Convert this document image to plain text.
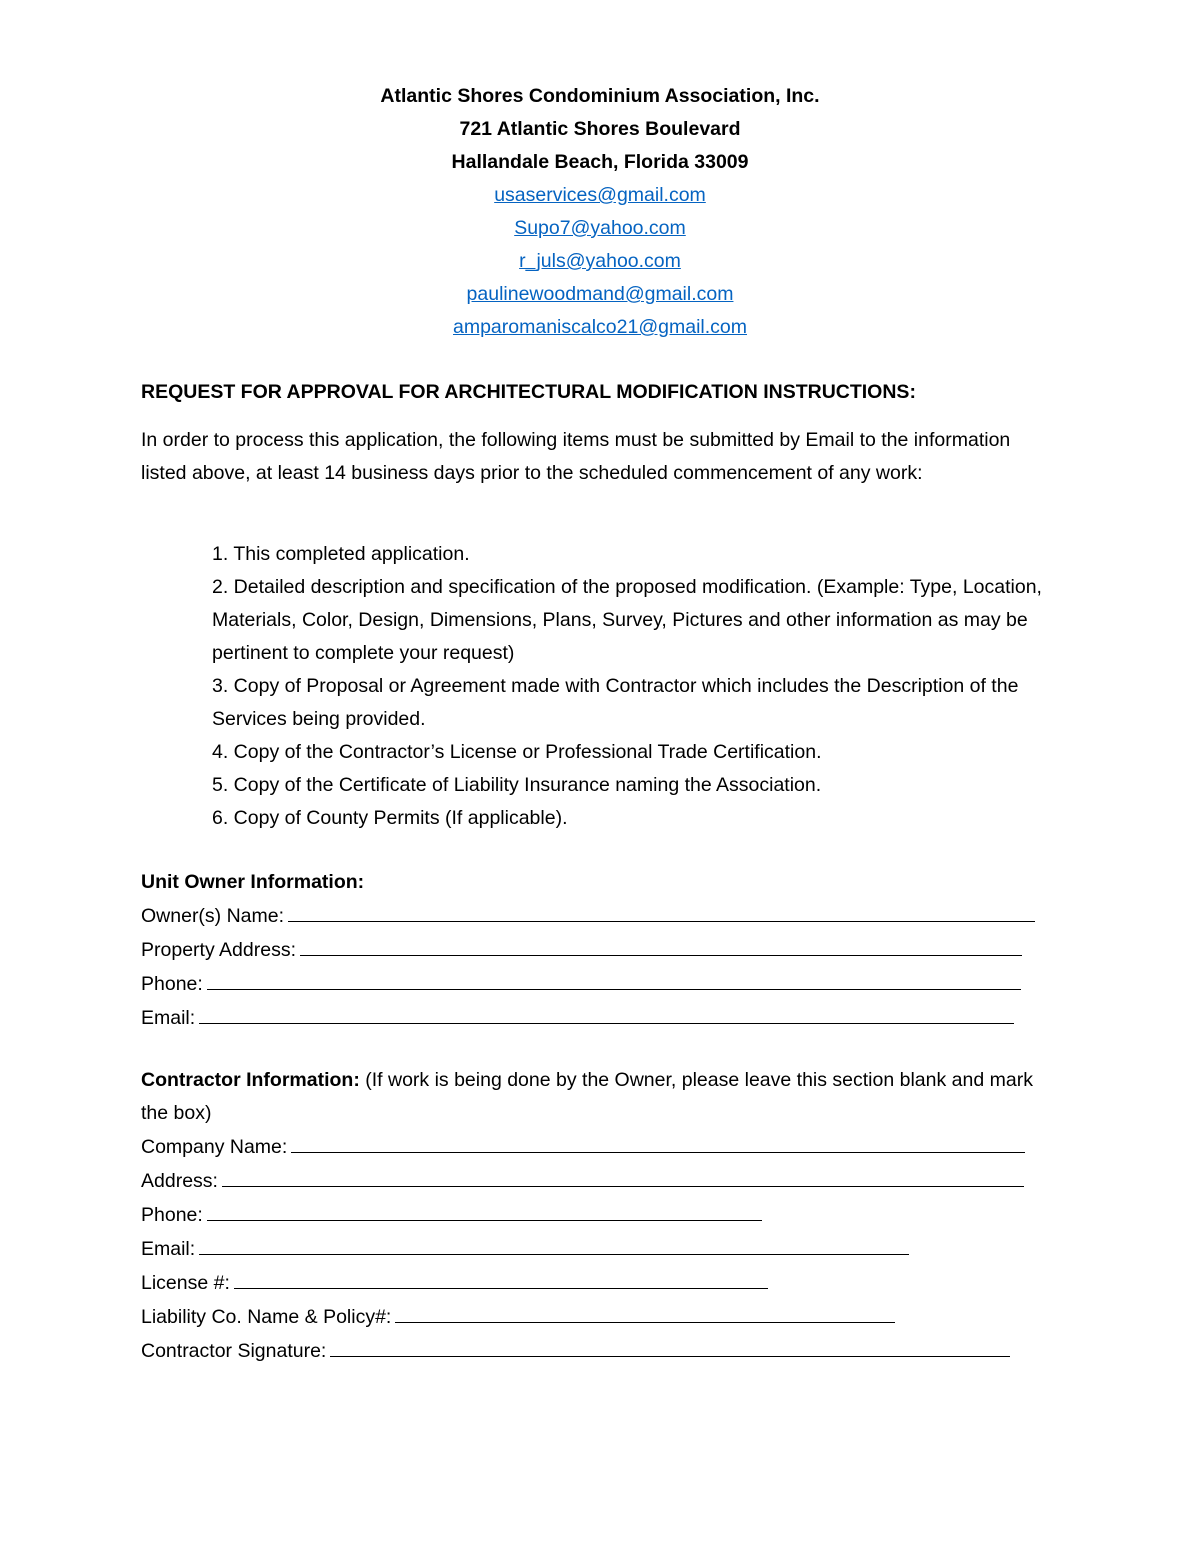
Atlantic Shores Condominium Association, Inc.
721 Atlantic Shores Boulevard
Hallandale Beach, Florida 33009
usaservices@gmail.com
Supo7@yahoo.com
r_juls@yahoo.com
paulinewoodmand@gmail.com
amparomaniscalco21@gmail.com
REQUEST FOR APPROVAL FOR ARCHITECTURAL MODIFICATION INSTRUCTIONS:
In order to process this application, the following items must be submitted by Email to the information listed above, at least 14 business days prior to the scheduled commencement of any work:
1. This completed application.
2. Detailed description and specification of the proposed modification. (Example: Type, Location, Materials, Color, Design, Dimensions, Plans, Survey, Pictures and other information as may be pertinent to complete your request)
3. Copy of Proposal or Agreement made with Contractor which includes the Description of the Services being provided.
4. Copy of the Contractor’s License or Professional Trade Certification.
5. Copy of the Certificate of Liability Insurance naming the Association.
6. Copy of County Permits (If applicable).
Unit Owner Information:
Owner(s) Name:
Property Address:
Phone:
Email:
Contractor Information: (If work is being done by the Owner, please leave this section blank and mark the box)
Company Name:
Address:
Phone:
Email:
License #:
Liability Co. Name & Policy#:
Contractor Signature:
